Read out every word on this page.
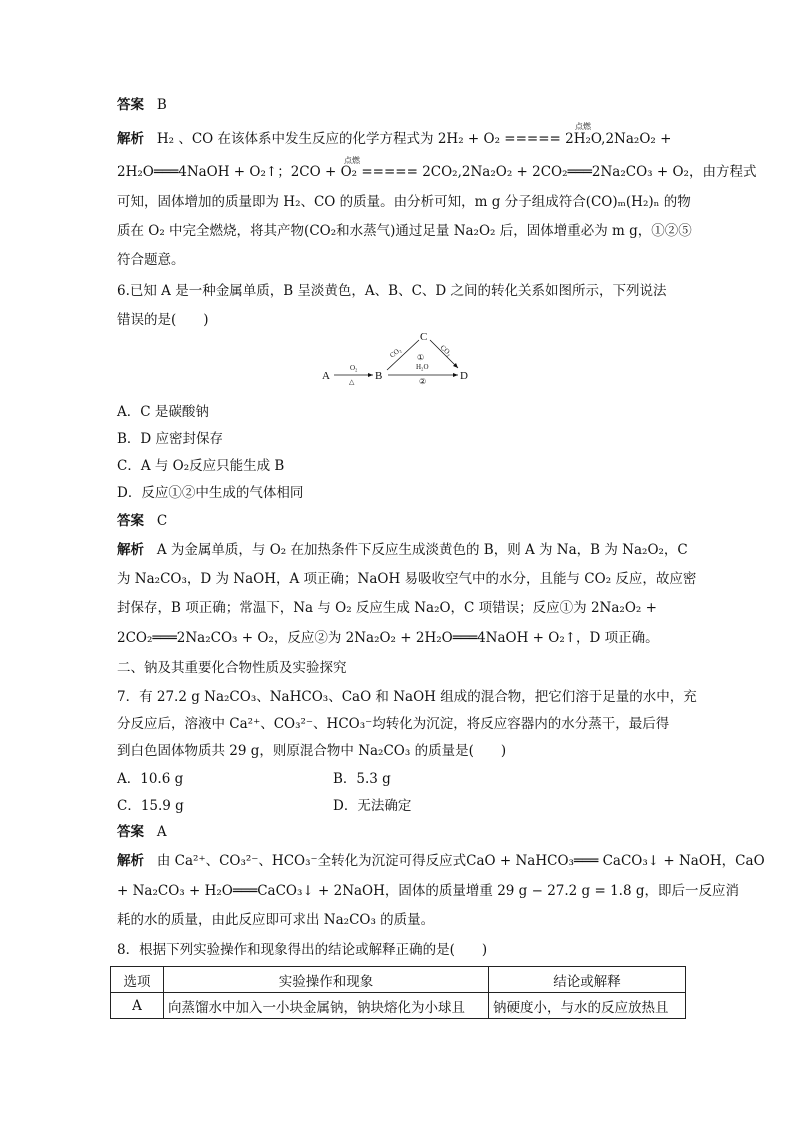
答案 B
解析 H₂ 、CO 在该体系中发生反应的化学方程式为 2H₂ + O₂ ===== 2H₂O,2Na₂O₂ +
2H₂O═══4NaOH + O₂↑；2CO + O₂ ===== 2CO₂,2Na₂O₂ + 2CO₂═══2Na₂CO₃ + O₂，由方程式
可知，固体增加的质量即为 H₂、CO 的质量。由分析可知，m g 分子组成符合(CO)ₘ(H₂)ₙ 的物
质在 O₂ 中完全燃烧，将其产物(CO₂和水蒸气)通过足量 Na₂O₂ 后，固体增重必为 m g，①②⑤
符合题意。
点燃
点燃
6.已知 A 是一种金属单质，B 呈淡黄色，A、B、C、D 之间的转化关系如图所示，下列说法
错误的是(　　)
A
O₂
△ B
CO₂
C
CO₂
①
H₂O
②	D
A．C 是碳酸钠
B．D 应密封保存
C．A 与 O₂反应只能生成 B
D．反应①②中生成的气体相同
答案 C
解析 A 为金属单质，与 O₂ 在加热条件下反应生成淡黄色的 B，则 A 为 Na，B 为 Na₂O₂，C
为 Na₂CO₃，D 为 NaOH，A 项正确；NaOH 易吸收空气中的水分，且能与 CO₂ 反应，故应密
封保存，B 项正确；常温下，Na 与 O₂ 反应生成 Na₂O，C 项错误；反应①为 2Na₂O₂ +
2CO₂═══2Na₂CO₃ + O₂，反应②为 2Na₂O₂ + 2H₂O═══4NaOH + O₂↑，D 项正确。
二、钠及其重要化合物性质及实验探究
7．有 27.2 g Na₂CO₃、NaHCO₃、CaO 和 NaOH 组成的混合物，把它们溶于足量的水中，充
分反应后，溶液中 Ca²⁺、CO₃²⁻、HCO₃⁻均转化为沉淀，将反应容器内的水分蒸干，最后得
到白色固体物质共 29 g，则原混合物中 Na₂CO₃ 的质量是(　　)
A．10.6 g	B．5.3 g
C．15.9 g	D．无法确定
答案 A
解析 由 Ca²⁺、CO₃²⁻、HCO₃⁻全转化为沉淀可得反应式CaO + NaHCO₃═══ CaCO₃↓ + NaOH，CaO
+ Na₂CO₃ + H₂O═══CaCO₃↓ + 2NaOH，固体的质量增重 29 g − 27.2 g = 1.8 g，即后一反应消
耗的水的质量，由此反应即可求出 Na₂CO₃ 的质量。
8．根据下列实验操作和现象得出的结论或解释正确的是(　　)
选项	实验操作和现象	结论或解释
A	向蒸馏水中加入一小块金属钠，钠块熔化为小球且	钠硬度小，与水的反应放热且
